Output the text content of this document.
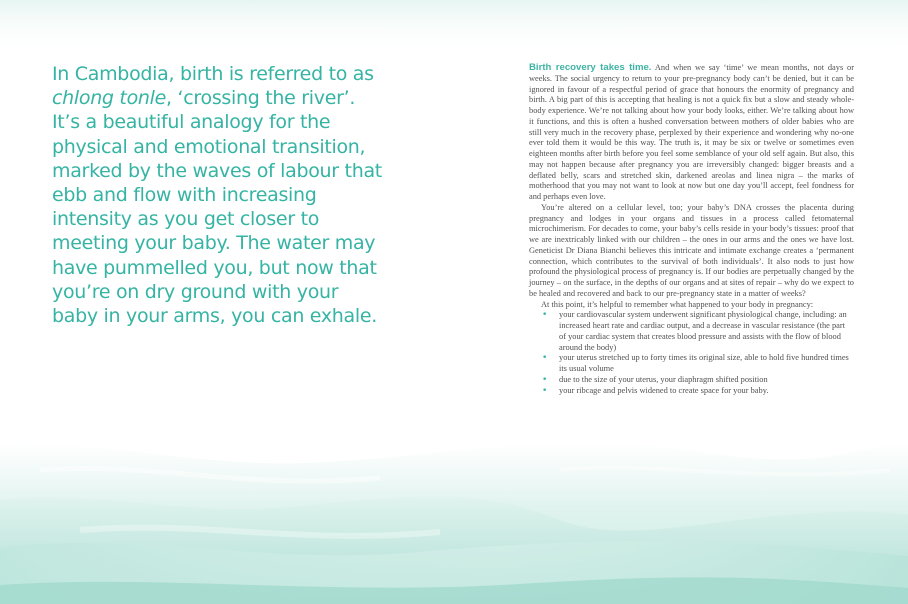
In Cambodia, birth is referred to as chlong tonle, ‘crossing the river’. It’s a beautiful analogy for the physical and emotional transition, marked by the waves of labour that ebb and flow with increasing intensity as you get closer to meeting your baby. The water may have pummelled you, but now that you’re on dry ground with your baby in your arms, you can exhale.

Birth recovery takes time. And when we say ‘time’ we mean months, not days or weeks. The social urgency to return to your pre-pregnancy body can’t be denied, but it can be ignored in favour of a respectful period of grace that honours the enormity of pregnancy and birth. A big part of this is accepting that healing is not a quick fix but a slow and steady whole-body experience. We’re not talking about how your body looks, either. We’re talking about how it functions, and this is often a hushed conversation between mothers of older babies who are still very much in the recovery phase, perplexed by their experience and wondering why no-one ever told them it would be this way. The truth is, it may be six or twelve or sometimes even eighteen months after birth before you feel some semblance of your old self again. But also, this may not happen because after pregnancy you are irreversibly changed: bigger breasts and a deflated belly, scars and stretched skin, darkened areolas and linea nigra – the marks of motherhood that you may not want to look at now but one day you’ll accept, feel fondness for and perhaps even love.

You’re altered on a cellular level, too; your baby’s DNA crosses the placenta during pregnancy and lodges in your organs and tissues in a process called fetomaternal microchimerism. For decades to come, your baby’s cells reside in your body’s tissues: proof that we are inextricably linked with our children – the ones in our arms and the ones we have lost. Geneticist Dr Diana Bianchi believes this intricate and intimate exchange creates a ‘permanent connection, which contributes to the survival of both individuals’. It also nods to just how profound the physiological process of pregnancy is. If our bodies are perpetually changed by the journey – on the surface, in the depths of our organs and at sites of repair – why do we expect to be healed and recovered and back to our pre-pregnancy state in a matter of weeks?

At this point, it’s helpful to remember what happened to your body in pregnancy:

• your cardiovascular system underwent significant physiological change, including: an increased heart rate and cardiac output, and a decrease in vascular resistance (the part of your cardiac system that creates blood pressure and assists with the flow of blood around the body)
• your uterus stretched up to forty times its original size, able to hold five hundred times its usual volume
• due to the size of your uterus, your diaphragm shifted position
• your ribcage and pelvis widened to create space for your baby.
